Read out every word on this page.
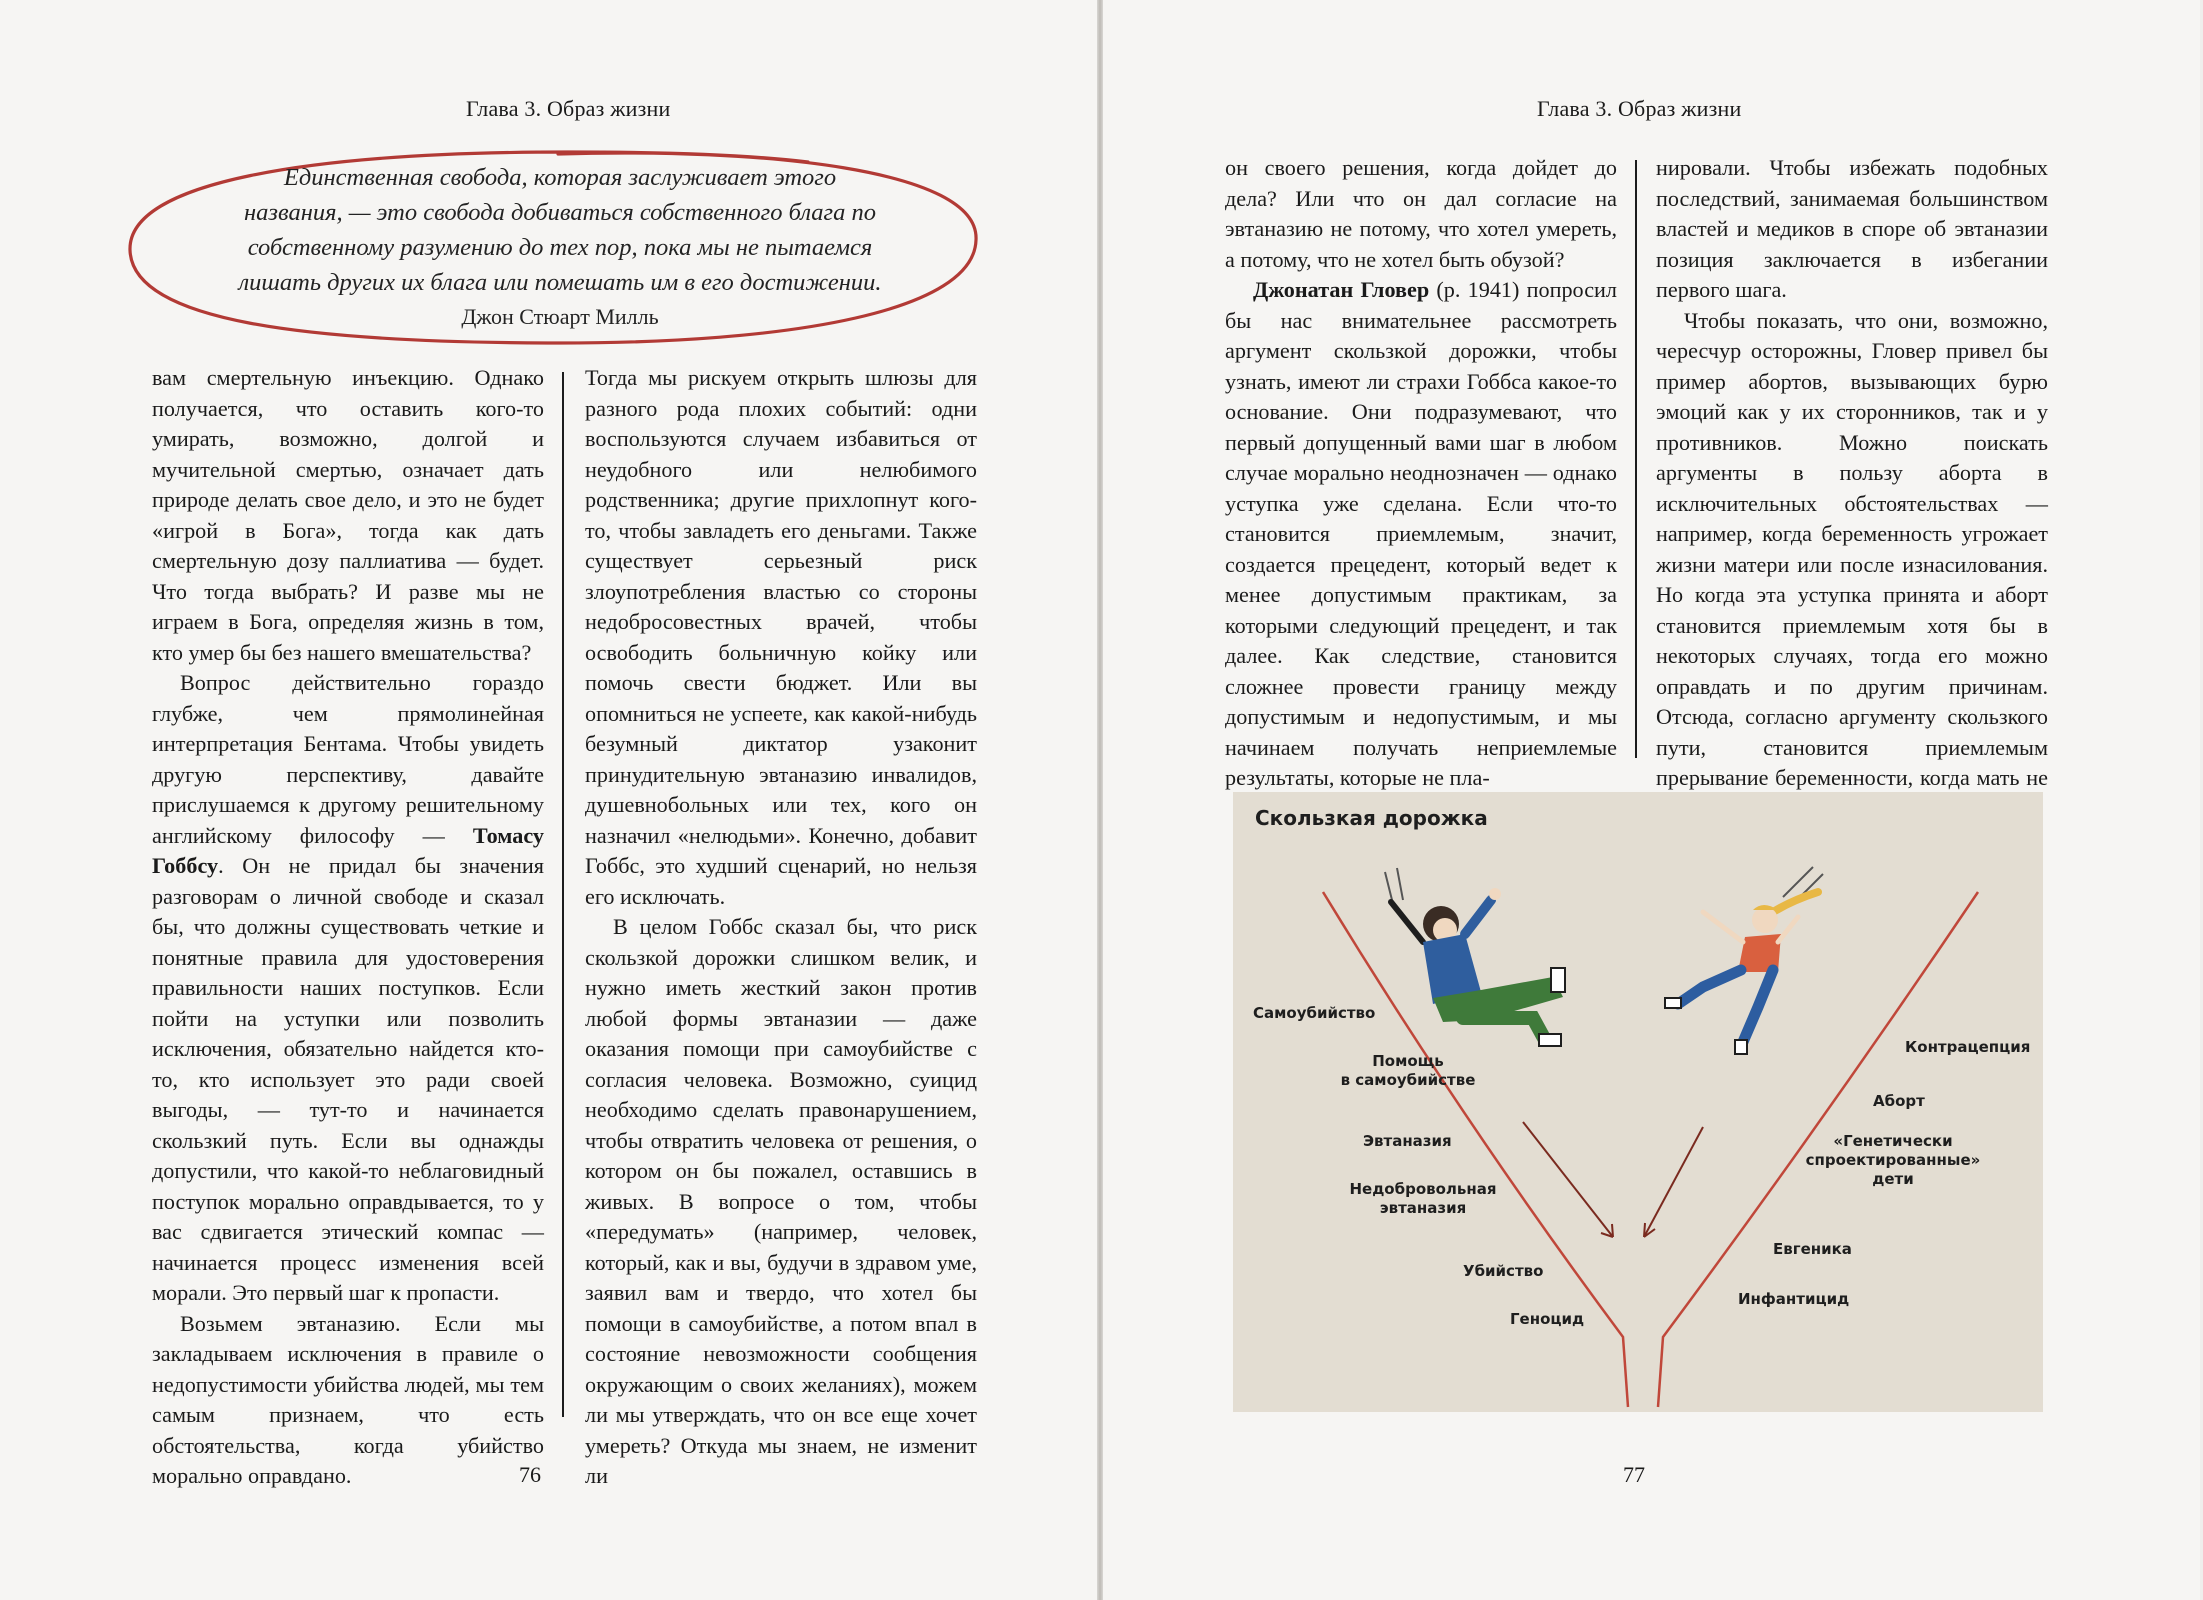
Глава 3. Образ жизни
Единственная свобода, которая заслуживает этого
названия, — это свобода добиваться собственного блага по
собственному разумению до тех пор, пока мы не пытаемся
лишать других их блага или помешать им в его достижении.
Джон Стюарт Милль

вам смертельную инъекцию. Однако получается, что оставить кого-то умирать, возможно, долгой и мучительной смертью, означает дать природе делать свое дело, и это не будет «игрой в Бога», тогда как дать смертельную дозу паллиатива — будет. Что тогда выбрать? И разве мы не играем в Бога, определяя жизнь в том, кто умер бы без нашего вмешательства?

Вопрос действительно гораздо глубже, чем прямолинейная интерпретация Бентама. Чтобы увидеть другую перспективу, давайте прислушаемся к другому решительному английскому философу — Томасу Гоббсу. Он не придал бы значения разговорам о личной свободе и сказал бы, что должны существовать четкие и понятные правила для удостоверения правильности наших поступков. Если пойти на уступки или позволить исключения, обязательно найдется кто-то, кто использует это ради своей выгоды, — тут-то и начинается скользкий путь. Если вы однажды допустили, что какой-то неблаговидный поступок морально оправдывается, то у вас сдвигается этический компас — начинается процесс изменения всей морали. Это первый шаг к пропасти.

Возьмем эвтаназию. Если мы закладываем исключения в правиле о недопустимости убийства людей, мы тем самым признаем, что есть обстоятельства, когда убийство морально оправдано.

Тогда мы рискуем открыть шлюзы для разного рода плохих событий: одни воспользуются случаем избавиться от неудобного или нелюбимого родственника; другие прихлопнут кого-то, чтобы завладеть его деньгами. Также существует серьезный риск злоупотребления властью со стороны недобросовестных врачей, чтобы освободить больничную койку или помочь свести бюджет. Или вы опомниться не успеете, как какой-нибудь безумный диктатор узаконит принудительную эвтаназию инвалидов, душевнобольных или тех, кого он назначил «нелюдьми». Конечно, добавит Гоббс, это худший сценарий, но нельзя его исключать.

В целом Гоббс сказал бы, что риск скользкой дорожки слишком велик, и нужно иметь жесткий закон против любой формы эвтаназии — даже оказания помощи при самоубийстве с согласия человека. Возможно, суицид необходимо сделать правонарушением, чтобы отвратить человека от решения, о котором он бы пожалел, оставшись в живых. В вопросе о том, чтобы «передумать» (например, человек, который, как и вы, будучи в здравом уме, заявил вам и твердо, что хотел бы помощи в самоубийстве, а потом впал в состояние невозможности сообщения окружающим о своих желаниях), можем ли мы утверждать, что он все еще хочет умереть? Откуда мы знаем, не изменит ли

76
Глава 3. Образ жизни

он своего решения, когда дойдет до дела? Или что он дал согласие на эвтаназию не потому, что хотел умереть, а потому, что не хотел быть обузой?

Джонатан Гловер (р. 1941) попросил бы нас внимательнее рассмотреть аргумент скользкой дорожки, чтобы узнать, имеют ли страхи Гоббса какое-то основание. Они подразумевают, что первый допущенный вами шаг в любом случае морально неоднозначен — однако уступка уже сделана. Если что-то становится приемлемым, значит, создается прецедент, который ведет к менее допустимым практикам, за которыми следующий прецедент, и так далее. Как следствие, становится сложнее провести границу между допустимым и недопустимым, и мы начинаем получать неприемлемые результаты, которые не пла-

нировали. Чтобы избежать подобных последствий, занимаемая большинством властей и медиков в споре об эвтаназии позиция заключается в избегании первого шага.

Чтобы показать, что они, возможно, чересчур осторожны, Гловер привел бы пример абортов, вызывающих бурю эмоций как у их сторонников, так и у противников. Можно поискать аргументы в пользу аборта в исключительных обстоятельствах — например, когда беременность угрожает жизни матери или после изнасилования. Но когда эта уступка принята и аборт становится приемлемым хотя бы в некоторых случаях, тогда его можно оправдать и по другим причинам. Отсюда, согласно аргументу скользкого пути, становится приемлемым прерывание беременности, когда мать не

Скользкая дорожка
Самоубийство
Помощь
в самоубийстве
Эвтаназия
Недобровольная
эвтаназия
Убийство
Геноцид
Контрацепция
Аборт
«Генетически
спроектированные»
дети
Евгеника
Инфантицид
77
